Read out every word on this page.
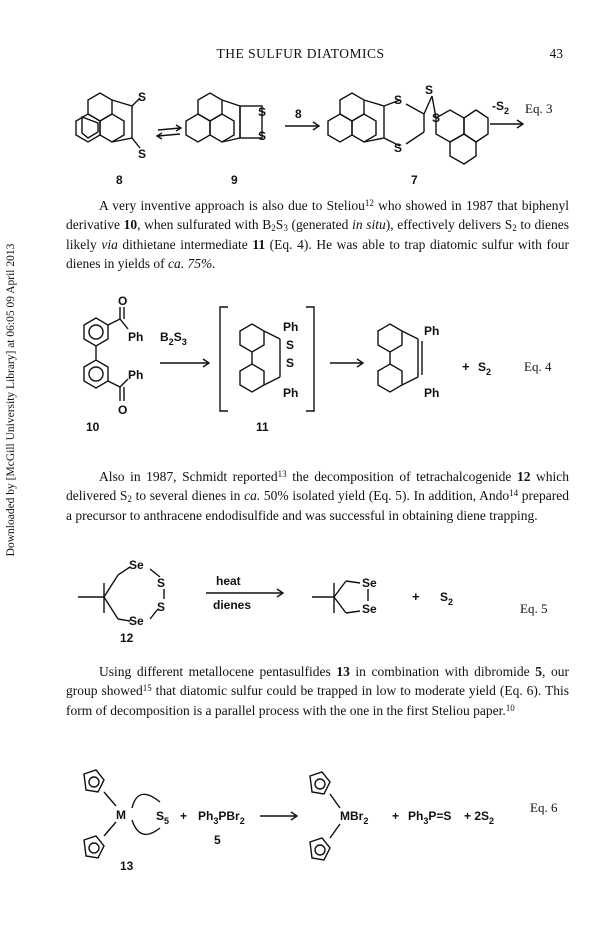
Downloaded by [McGill University Library] at 06:05 09 April 2013
THE SULFUR DIATOMICS	43
S
S
S
S
8
S
S
S
S
$-S_2$ Eq. 3
8	9	7

A very inventive approach is also due to Steliou$^{12}$ who showed in 1987 that biphenyl derivative 10, when sulfurated with $B_2S_3$ (generated in situ), effectively delivers $S_2$ to dienes likely via dithietane intermediate 11 (Eq. 4). He was able to trap diatomic sulfur with four dienes in yields of ca. 75%.

O
O
Ph
Ph
$B_2S_3$
Ph
S
S
Ph
Ph
Ph
+ $S_2$	Eq. 4
10	11

Also in 1987, Schmidt reported$^{13}$ the decomposition of tetrachalcogenide 12 which delivered $S_2$ to several dienes in ca. 50% isolated yield (Eq. 5). In addition, Ando$^{14}$ prepared a precursor to anthracene endodisulfide and was successful in obtaining diene trapping.

Se
S
S
Se
heat
dienes
Se
Se
+ $S_2$	Eq. 5
12

Using different metallocene pentasulfides 13 in combination with dibromide 5, our group showed$^{15}$ that diatomic sulfur could be trapped in low to moderate yield (Eq. 6). This form of decomposition is a parallel process with the one in the first Steliou paper.$^{10}$

M	$S_5 + Ph_3PBr_2$	$MBr_2 + Ph_3P=S + 2S_2$
Eq. 6
5
13
